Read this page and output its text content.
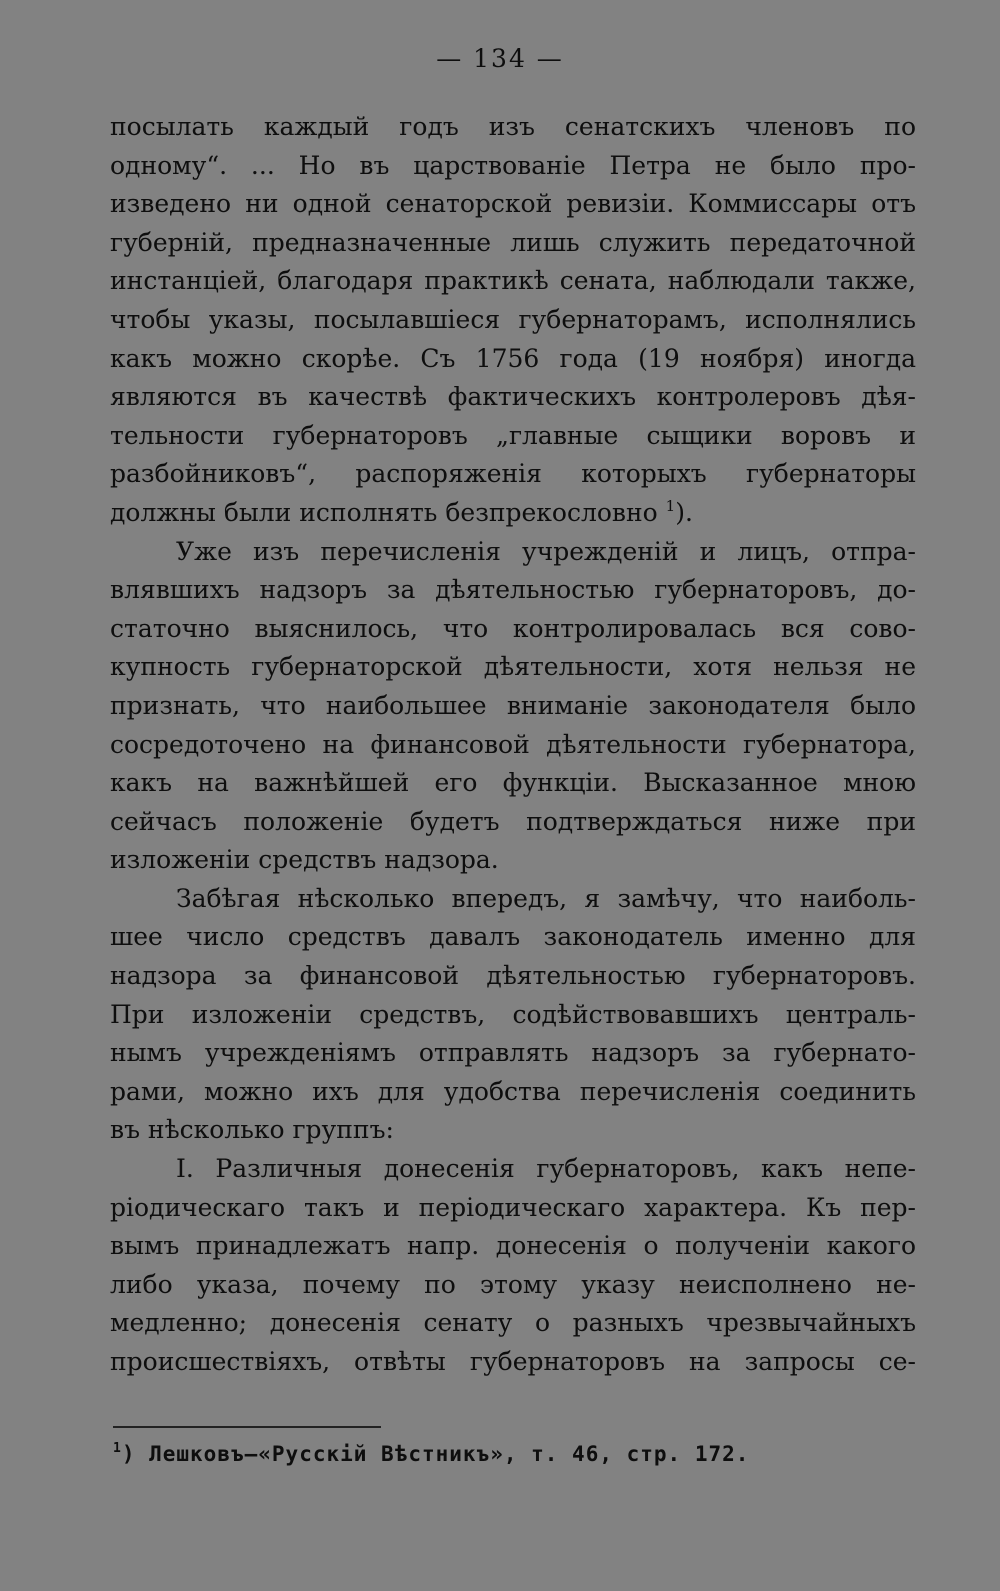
— 134 —
посылать каждый годъ изъ сенатскихъ членовъ по
одному“. ... Но въ царствованіе Петра не было про-
изведено ни одной сенаторской ревизіи. Коммиссары отъ
губерній, предназначенные лишь служить передаточной
инстанціей, благодаря практикѣ сената, наблюдали также,
чтобы указы, посылавшіеся губернаторамъ, исполнялись
какъ можно скорѣе. Съ 1756 года (19 ноября) иногда
являются въ качествѣ фактическихъ контролеровъ дѣя-
тельности губернаторовъ „главные сыщики воровъ и
разбойниковъ“, распоряженія которыхъ губернаторы
должны были исполнять безпрекословно $^1$).
Уже изъ перечисленія учрежденій и лицъ, отпра-
влявшихъ надзоръ за дѣятельностью губернаторовъ, до-
статочно выяснилось, что контролировалась вся сово-
купность губернаторской дѣятельности, хотя нельзя не
признать, что наибольшее вниманіе законодателя было
сосредоточено на финансовой дѣятельности губернатора,
какъ на важнѣйшей его функціи. Высказанное мною
сейчасъ положеніе будетъ подтверждаться ниже при
изложеніи средствъ надзора.
Забѣгая нѣсколько впередъ, я замѣчу, что наиболь-
шее число средствъ давалъ законодатель именно для
надзора за финансовой дѣятельностью губернаторовъ.
При изложеніи средствъ, содѣйствовавшихъ централь-
нымъ учрежденіямъ отправлять надзоръ за губернато-
рами, можно ихъ для удобства перечисленія соединить
въ нѣсколько группъ:
I. Различныя донесенія губернаторовъ, какъ непе-
ріодическаго такъ и періодическаго характера. Къ пер-
вымъ принадлежатъ напр. донесенія о полученіи какого
либо указа, почему по этому указу неисполнено не-
медленно; донесенія сенату о разныхъ чрезвычайныхъ
происшествіяхъ, отвѣты губернаторовъ на запросы се-
$^1$) Лешковъ—«Русскій Вѣстникъ», т. 46, стр. 172.
